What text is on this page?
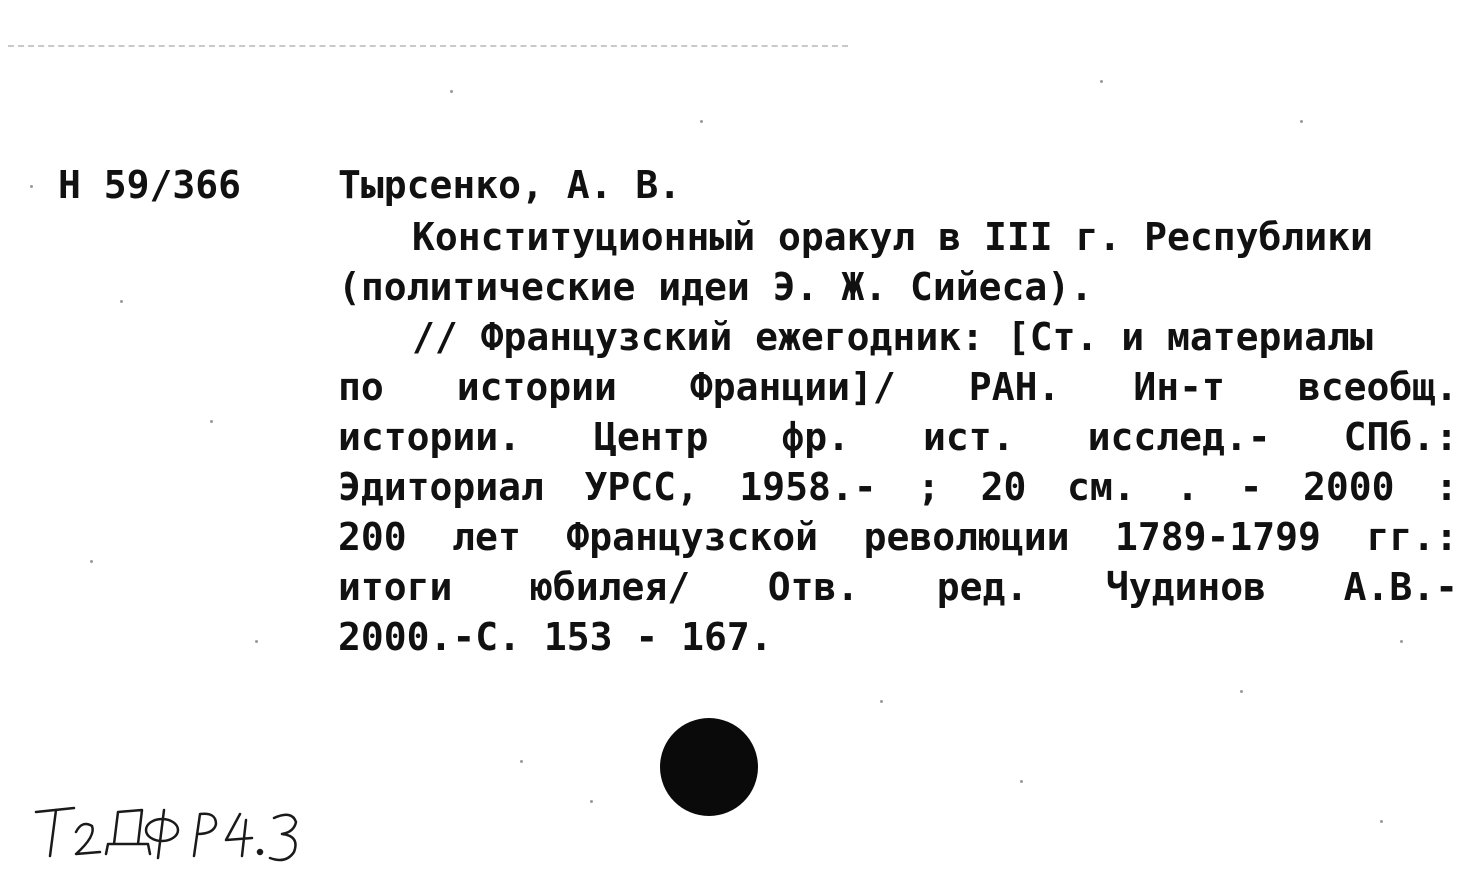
Н 59/366	Тырсенко, А. В.
Конституционный оракул в III г. Республики
(политические идеи Э. Ж. Сийеса).
// Французский ежегодник: [Ст. и материалы
по истории Франции]/ РАН. Ин-т всеобщ.
истории. Центр фр. ист. исслед.- СПб.:
Эдиториал УРСС, 1958.- ; 20 см. . - 2000 :
200 лет Французской революции 1789-1799 гг.:
итоги юбилея/ Отв. ред. Чудинов А.В.-
2000.-С. 153 - 167.
